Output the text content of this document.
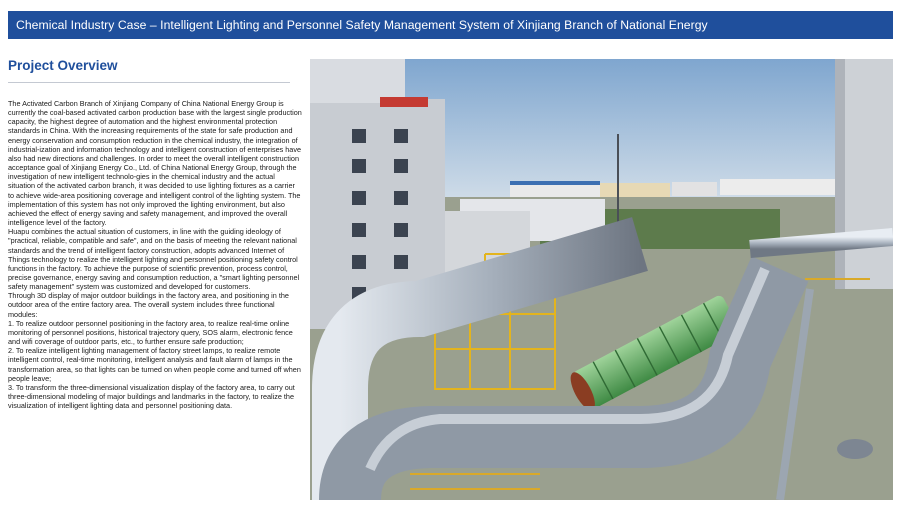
Chemical Industry Case – Intelligent Lighting and Personnel Safety Management System of Xinjiang Branch of National Energy
Project Overview

The Activated Carbon Branch of Xinjiang Company of China National Energy Group is currently the coal-based activated carbon production base with the largest single production capacity, the highest degree of automation and the highest environmental protection standards in China. With the increasing requirements of the state for safe production and energy conservation and consumption reduction in the chemical industry, the integration of industrial-ization and information technology and intelligent construction of enterprises have also had new directions and challenges. In order to meet the overall intelligent construction acceptance goal of Xinjiang Energy Co., Ltd. of China National Energy Group, through the investigation of new intelligent technolo-gies in the chemical industry and the actual situation of the activated carbon branch, it was decided to use lighting fixtures as a carrier to achieve wide-area positioning coverage and intelligent control of the lighting system. The implementation of this system has not only improved the lighting environment, but also achieved the effect of energy saving and safety management, and improved the overall intelligence level of the factory.

Huapu combines the actual situation of customers, in line with the guiding ideology of "practical, reliable, compatible and safe", and on the basis of meeting the relevant national standards and the trend of intelligent factory construction, adopts advanced Internet of Things technology to realize the intelligent lighting and personnel positioning safety control functions in the factory. To achieve the purpose of scientific prevention, process control, precise governance, energy saving and consumption reduction, a "smart lighting personnel safety management" system was customized and developed for customers.

Through 3D display of major outdoor buildings in the factory area, and positioning in the outdoor area of the entire factory area. The overall system includes three functional modules:

1. To realize outdoor personnel positioning in the factory area, to realize real-time online monitoring of personnel positions, historical trajectory query, SOS alarm, electronic fence and wifi coverage of outdoor parts, etc., to further ensure safe production;

2. To realize intelligent lighting management of factory street lamps, to realize remote intelligent control, real-time monitoring, intelligent analysis and fault alarm of lamps in the transformation area, so that lights can be turned on when people come and turned off when people leave;

3. To transform the three-dimensional visualization display of the factory area, to carry out three-dimensional modeling of major buildings and landmarks in the factory, to realize the visualization of intelligent lighting data and personnel positioning data.
